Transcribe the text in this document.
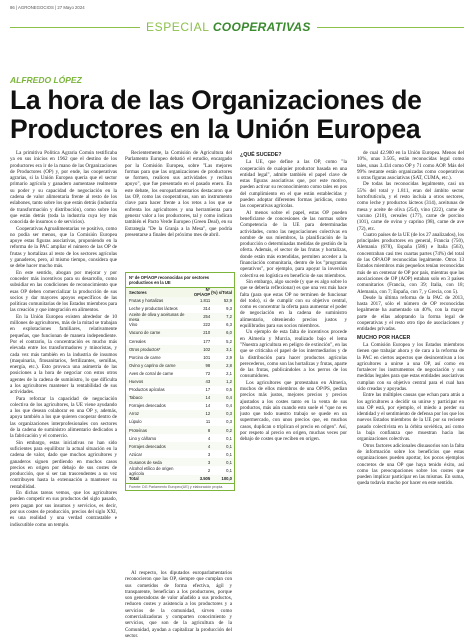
86 | AGRONEGOCIOS | 27 Mayo 2024
ESPECIAL COOPERATIVAS
ALFREDO LÓPEZ
La hora de las Organizaciones de Productores en la Unión Europea

La primitiva Política Agraria Común testificaba ya en sus inicios en 1962 que el destino de los productores era ir de la mano de las Organizaciones de Productores (OP) y, por ende, las cooperativas agrarias, si la Unión Europea quería que el sector primario agrícola y ganadero aumentase realmente su poder y su capacidad de negociación en la cadena de valor alimentaria frente al resto de los eslabones, tanto sobre los que están detrás (industria de transformación y distribución), como sobre los que están detrás (toda la industria cuya ley más conocida de insumos o de servicios).

Cooperativas Agroalimentarias ve positivo, como no podía ser menos, que la Comisión Europea apoye estas figuras asociativas, proponiendo en la reforma de la PAC ampliar el número de las OP de frutas y hortalizas al resto de los sectores agrícolas y ganaderos, pero, al mismo tiempo, considera que se debe hacer mucho más.

En este sentido, abogan por mejorar y por conceder más incentivos para su desarrollo, como subsidiar en las condiciones de reconocimiento que esas OP deben comercializar la producción de sus socios y dar mayores apoyos específicos de las políticas comunitarias de los Estados miembros para las creación y que integración en alimentos.

En la Unión Europea existen alrededor de 10 millones de agricultores, más de la mitad se trabajan en explotaciones familiares, relativamente pequeñas, que funcionan de manera independiente. Por el contrario, la concentración es mucho más elevada entre los transformadores y minoristas, y cada vez más también en la industria de insumos (maquinaria, fitosanitarios, fertilizantes, semillas, energía, etc.). Esto provoca una asimetría de las posiciones a la hora de negociar con estos otros agentes de la cadena de suministro, lo que dificulta a los agricultores mantener la rentabilidad de sus actividades.

Para reforzar la capacidad de negociación colectiva de los agricultores, la UE viene ayudando a los que desean colaborar en una OP y, además, apoya también a los que quieren cooperar dentro de las organizaciones interprofesionales con sectores de la cadena de suministro alimentario dedicados a la fabricación y el comercio.

Sin embargo, estas iniciativas no han sido suficientes para equilibrar la actual situación en la cadena de valor, dado que muchos agricultores y ganaderos siguen perdiendo en muchos casos precios en origen por debajo de sus costes de producción, que si ser tan trascendentes a su vez contribuyen hasta la extenuación a mantener su rentabilidad.

En dichas tareas vemos, que los agricultores pueden competir en sus productos del siglo pasado, pero pagan por sus insumos y servicios, es decir, por sus costes de producción, precios del siglo XXI, es una realidad y una verdad contrastable e indiscutible como un templo.

Recientemente, la Comisión de Agricultura del Parlamento Europeo debatió el estudio, encargado por la Comisión Europea, sobre "Las mejores formas para que las organizaciones de productores se formen, realicen sus actividades y reciban apoyo", que fue presentado en el pasado enero. En este debate, los europarlamentarios destacaron que las OP, como las cooperativas, son un instrumento clave para hacer frente a los retos a los que se enfrenta los agricultores y una herramienta para generar valor a los productores, tal y como indican también el Pacto Verde Europeo (Green Deal), en su Estrategia "De la Granja a la Mesa", que podría presentarse a finales del próximo mes de abril.

Nº de OP/AOP reconocidas por sectores productivos en la UE
Sectores	Nº OP/AOP (%) s/Total
Frutas y hortalizas	1.811	52,9
Leche y productos lácteos	314	9,3
Aceite de oliva y aceitunas de mesa	254	7,2
Vino	222	6,3
Vacuno de carne	210	6,0
Cereales	177	5,2
Otros productos*	102	3,1
Porcino de carne	101	2,9
Ovino y caprino de carne	98	2,8
Aves de corral de carne	72	2,1
Huevos	43	1,2
Productos apícolas	17	0,5
Tabaco	14	0,4
Forrajes desecados	14	0,4
Arroz	12	0,3
Lúpulo	11	0,3
Proteínas	8	0,2
Lino y cáñamo	4	0,1
Forrajes desecados	4	0,1
Azúcar	3	0,1
Gusanos de seda	3	0,1
Alcohol etílico de origen agrícola	2	0,1
Total	3.505	100,0
Fuente: DG Parlamento Europeo(UE) y elaboración propia.

Al respecto, los diputados europarlamentarios reconocieron que las OP, siempre que cumplan con sus cometidos de forma efectiva, ágil y transparente, benefician a los productores, porque son generadoras de valor añadido a sus productos, reducen costes y asistencia a los productores y a servicios de la comunidad, sirven como comercializadoras y comparten conocimiento y servicios, que son de la agricultura de la Comunidad, ayudan a capitalizar la producción del sector.

¿QUÉ SUCEDE?

La UE, que define a las OP, como "la cooperación de cualquier productor basada en una entidad legal", admite también el papel clave de estas figuras asociativas que, por este motivo, pueden activar su reconocimiento como tales en pos del cumplimiento en el que están establecidas y pueden adoptar diferentes formas jurídicas, como las cooperativas agrícolas.

Al menos sobre el papel, estas OP pueden beneficiarse de concesiones de las normas sobre Competencia de la UE para determinadas actividades, como las negociaciones colectivas en nombre de sus miembros, la planificación de la producción o determinadas medidas de gestión de la oferta. Además, el sector de las frutas y hortalizas, donde están más extendidas, permiten acceder a la financiación comunitaria, dentro de los "programas operativos", por ejemplo, para apoyar la inversión colectiva en logística en beneficio de sus miembros.

Sin embargo, algo sucede (y que es algo sobre lo que se debería reflexionar) es que una vez más hace falta (para que estas OP no terminen de funcionar del todo), si de cumplir con su objetivo central, como es concentrar la oferta para aumentar el poder de negociación en la cadena de suministro alimentario, obteniendo precios justos y equilibrados para sus socios miembros.

Un ejemplo de esta falta de incentivos procede en Almería y Murcia, realizado bajo el lema "Nuestra agricultura en peligro de extinción", en las que se criticaba el papel de los intermediarios y de la distribución para hacer productos agrícolas perecederos, como son las hortalizas y frutas, aparte de las frutas, publicándoles a los perros de los consumidores.

Los agricultores que protestaban en Almería, muchos de ellos miembros de una OP/PS, pedían precios más justos, mejores precios y precios ajustados a los costes tanto en la venta de sus productos, más aún cuando esto suele el "que no es justo que todo nuestro trabajo se quede en un supermercado, con unos precios que, en muchos casos, duplican o triplican el precio en origen". Así, por respeto al precio en origen, muchas veces por debajo de costes que reciben en origen.

de cual 42.900 en la Unión Europea. Menos del 10%, unas 3.505, están reconocidas legal como tales, unas 3.434 como OP y 71 como AOP. Más del 99% restante están organizadas como cooperativas u otras figuras asociativas (SAT, CUMA, etc.).

De todas las reconocidas legalmente, casi un 55% del total y 1.811, eran del ámbito sector hortofrutícola, y el resto incluía a otros sectores, como leche y productos lácteos (314), aceitunas de mesa y aceite de oliva (254), vino (222), carne de vacuno (210), cereales (177), carne de porcino (101), carne de ovino y caprino (98), carne de ave (72), etc.

Cuatro países de la UE (de los 27 analizados), los principales productores en general, Francia (750), Alemania (678), España (586) e Italia (563), concentraban casi tres cuartas partes (74%) del total de las OP/AOP reconocidas legalmente. Otros 13 Estados miembros más pequeños tenían reconocidas más de un centenar de OP por país, mientras que las asociaciones de OP (AOP) estaban solo en 3 países comunitarios (Francia, con 39; Italia, con 18; Alemania, con 7; España, con 7, y Grecia, con 5).

Desde la última reforma de la PAC de 2013, hasta 2017, sólo el número de OP reconocidas legalmente ha aumentado un 40%, con la mayor parte de ellas adoptando la forma legal de cooperativas y el resto otro tipo de asociaciones y entidades privadas.

MUCHO POR HACER

La Comisión Europea y los Estados miembros tienen que trabajar ahora y de cara a la reforma de la PAC en ciertos aspectos que desincentivan a los agricultores a unirse a una OP, así como en fortalecer los instrumentos de negociación y sus medidas legales para que estas entidades asociativas cumplan con su objetivo central para el cual han sido creadas y apoyadas.

Entre las múltiples causas que echan para atrás a los agricultores a decidir su unirse y participar en una OP está, por ejemplo, el miedo a perder su identidad y el sentimiento de defensa por los que los nuevos Estados miembros de la UE por su reciente pasado colectivista en la órbita soviética, así como la baja confianza que muestran hacia las organizaciones colectivas.

Otros factores adicionales disuasorios son la falta de información sobre los beneficios que estas organizaciones pueden aportar, los pocos ejemplos concretos de una OP que haya tenido éxito, así como las preocupaciones sobre los costes que pueden implicar participar en las mismas. En suma, queda todavía mucho por hacer en este sentido.
